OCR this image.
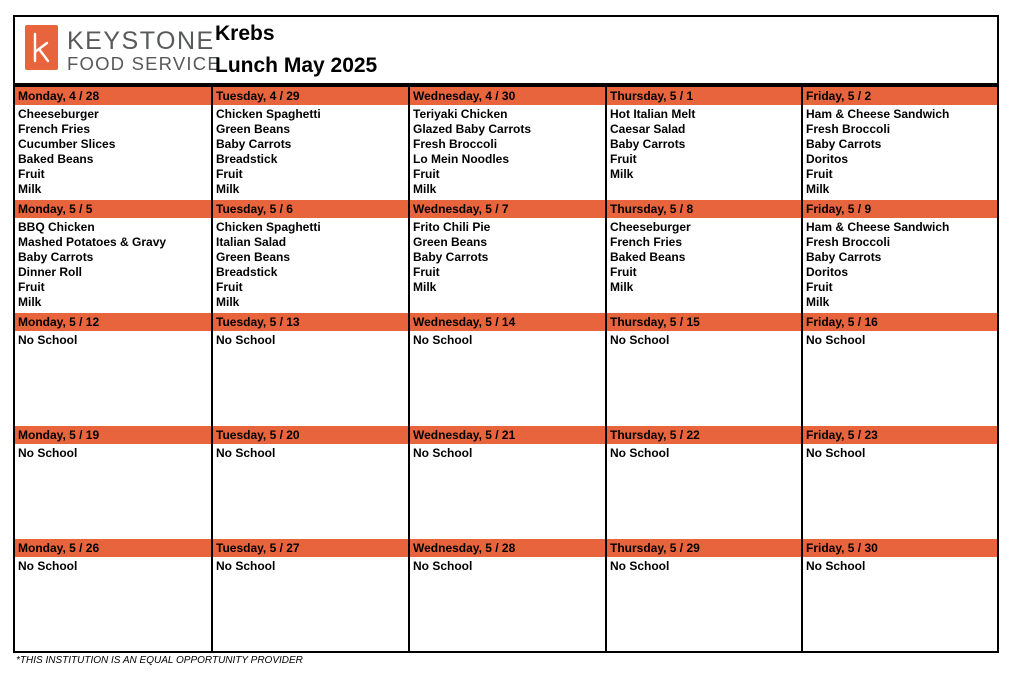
KEYSTONE
FOOD SERVICE
Krebs
Lunch May 2025
Monday, 4 / 28
Cheeseburger
French Fries
Cucumber Slices
Baked Beans
Fruit
Milk
Tuesday, 4 / 29
Chicken Spaghetti
Green Beans
Baby Carrots
Breadstick
Fruit
Milk
Wednesday, 4 / 30
Teriyaki Chicken
Glazed Baby Carrots
Fresh Broccoli
Lo Mein Noodles
Fruit
Milk
Thursday, 5 / 1
Hot Italian Melt
Caesar Salad
Baby Carrots
Fruit
Milk
Friday, 5 / 2
Ham & Cheese Sandwich
Fresh Broccoli
Baby Carrots
Doritos
Fruit
Milk
Monday, 5 / 5
BBQ Chicken
Mashed Potatoes & Gravy
Baby Carrots
Dinner Roll
Fruit
Milk
Tuesday, 5 / 6
Chicken Spaghetti
Italian Salad
Green Beans
Breadstick
Fruit
Milk
Wednesday, 5 / 7
Frito Chili Pie
Green Beans
Baby Carrots
Fruit
Milk
Thursday, 5 / 8
Cheeseburger
French Fries
Baked Beans
Fruit
Milk
Friday, 5 / 9
Ham & Cheese Sandwich
Fresh Broccoli
Baby Carrots
Doritos
Fruit
Milk
Monday, 5 / 12
No School
Tuesday, 5 / 13
No School
Wednesday, 5 / 14
No School
Thursday, 5 / 15
No School
Friday, 5 / 16
No School
Monday, 5 / 19
No School
Tuesday, 5 / 20
No School
Wednesday, 5 / 21
No School
Thursday, 5 / 22
No School
Friday, 5 / 23
No School
Monday, 5 / 26
No School
Tuesday, 5 / 27
No School
Wednesday, 5 / 28
No School
Thursday, 5 / 29
No School
Friday, 5 / 30
No School
*THIS INSTITUTION IS AN EQUAL OPPORTUNITY PROVIDER
